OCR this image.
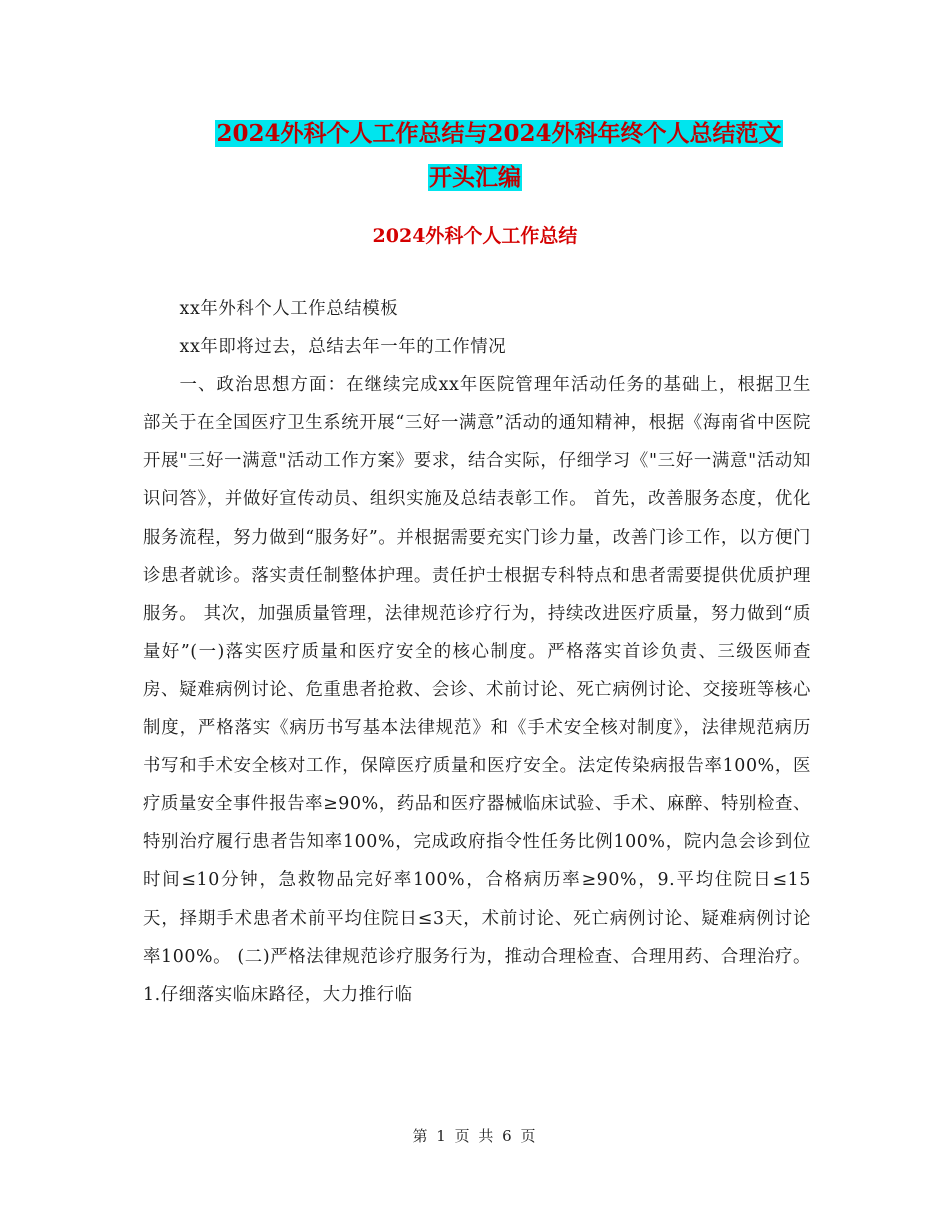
2024外科个人工作总结与2024外科年终个人总结范文
开头汇编
2024外科个人工作总结

xx年外科个人工作总结模板

xx年即将过去，总结去年一年的工作情况

一、政治思想方面：在继续完成xx年医院管理年活动任务的基础上，根据卫生部关于在全国医疗卫生系统开展“三好一满意”活动的通知精神，根据《海南省中医院开展"三好一满意"活动工作方案》要求，结合实际，仔细学习《"三好一满意"活动知识问答》，并做好宣传动员、组织实施及总结表彰工作。 首先，改善服务态度，优化服务流程，努力做到“服务好”。并根据需要充实门诊力量，改善门诊工作，以方便门诊患者就诊。落实责任制整体护理。责任护士根据专科特点和患者需要提供优质护理服务。 其次，加强质量管理，法律规范诊疗行为，持续改进医疗质量，努力做到“质量好”(一)落实医疗质量和医疗安全的核心制度。严格落实首诊负责、三级医师查房、疑难病例讨论、危重患者抢救、会诊、术前讨论、死亡病例讨论、交接班等核心制度，严格落实《病历书写基本法律规范》和《手术安全核对制度》，法律规范病历书写和手术安全核对工作，保障医疗质量和医疗安全。法定传染病报告率100%，医疗质量安全事件报告率≥90%，药品和医疗器械临床试验、手术、麻醉、特别检查、特别治疗履行患者告知率100%，完成政府指令性任务比例100%，院内急会诊到位时间≤10分钟，急救物品完好率100%，合格病历率≥90%，9.平均住院日≤15天，择期手术患者术前平均住院日≤3天，术前讨论、死亡病例讨论、疑难病例讨论率100%。 (二)严格法律规范诊疗服务行为，推动合理检查、合理用药、合理治疗。 1.仔细落实临床路径，大力推行临

第 1 页 共 6 页
